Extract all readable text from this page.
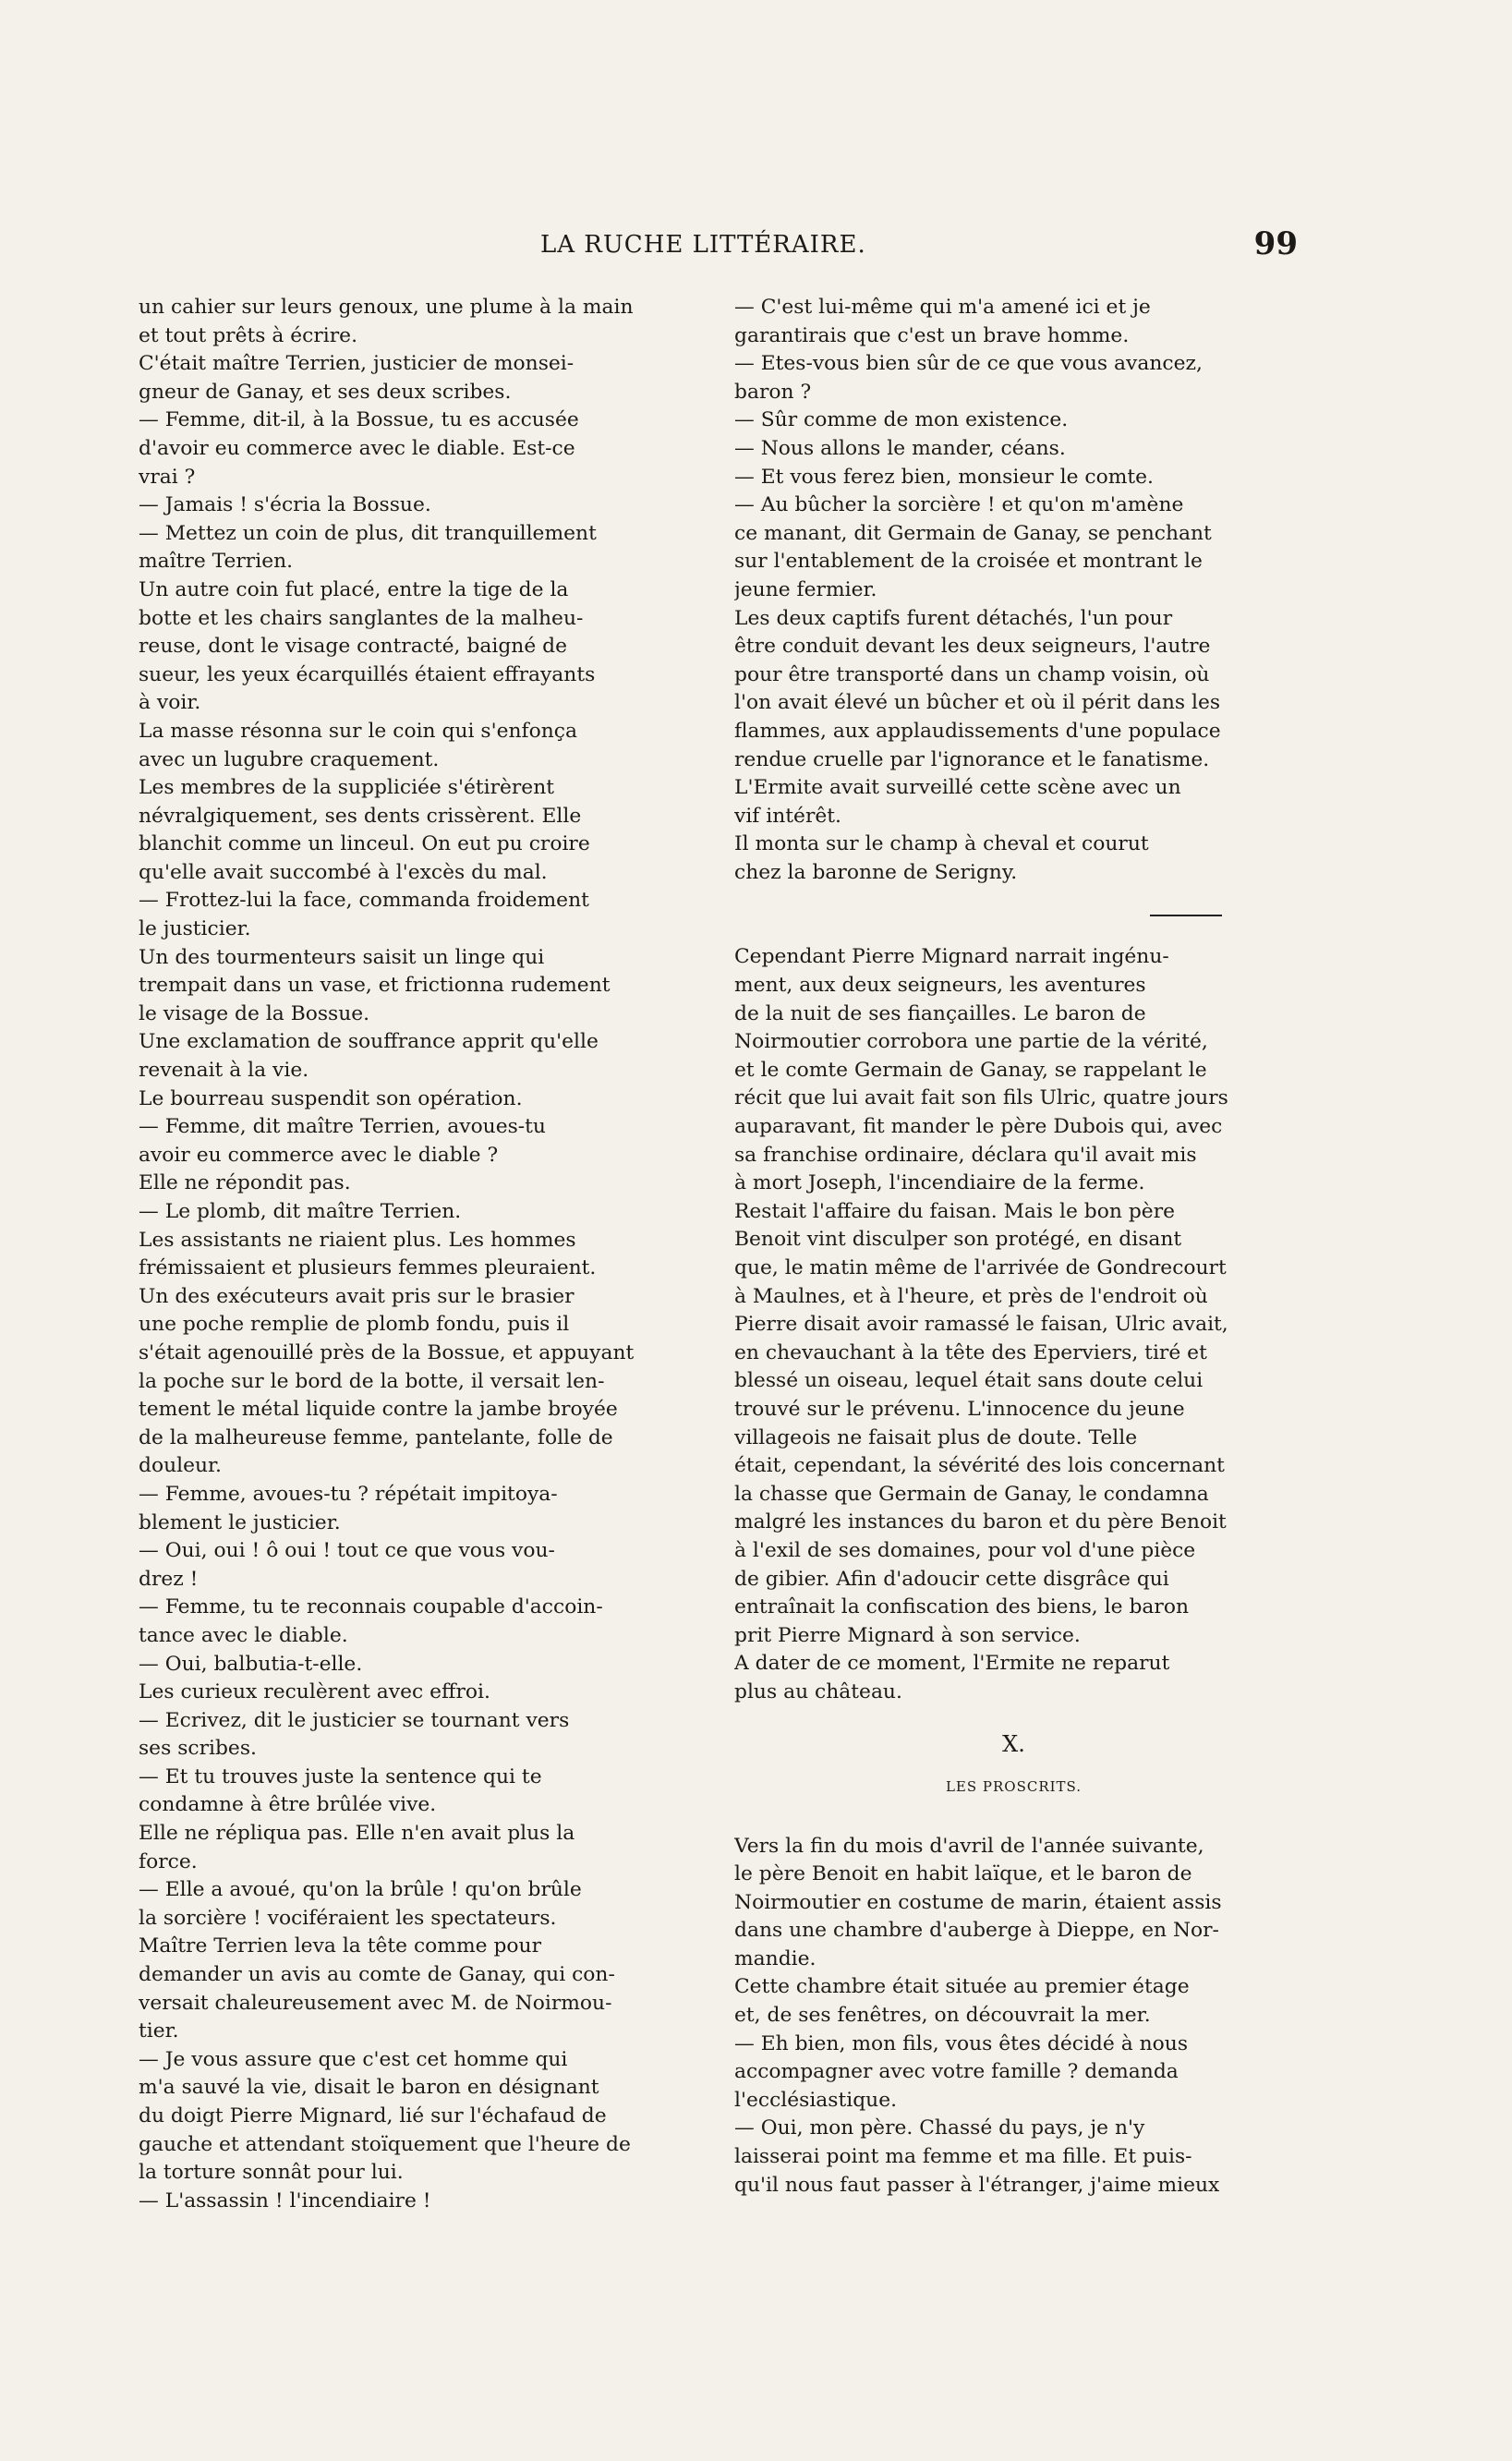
LA RUCHE LITTÉRAIRE.	99
un cahier sur leurs genoux, une plume à la main
et tout prêts à écrire.
C'était maître Terrien, justicier de monsei-
gneur de Ganay, et ses deux scribes.
— Femme, dit-il, à la Bossue, tu es accusée
d'avoir eu commerce avec le diable. Est-ce
vrai ?
— Jamais ! s'écria la Bossue.
— Mettez un coin de plus, dit tranquillement
maître Terrien.
Un autre coin fut placé, entre la tige de la
botte et les chairs sanglantes de la malheu-
reuse, dont le visage contracté, baigné de
sueur, les yeux écarquillés étaient effrayants
à voir.
La masse résonna sur le coin qui s'enfonça
avec un lugubre craquement.
Les membres de la suppliciée s'étirèrent
névralgiquement, ses dents crissèrent. Elle
blanchit comme un linceul. On eut pu croire
qu'elle avait succombé à l'excès du mal.
— Frottez-lui la face, commanda froidement
le justicier.
Un des tourmenteurs saisit un linge qui
trempait dans un vase, et frictionna rudement
le visage de la Bossue.
Une exclamation de souffrance apprit qu'elle
revenait à la vie.
Le bourreau suspendit son opération.
— Femme, dit maître Terrien, avoues-tu
avoir eu commerce avec le diable ?
Elle ne répondit pas.
— Le plomb, dit maître Terrien.
Les assistants ne riaient plus. Les hommes
frémissaient et plusieurs femmes pleuraient.
Un des exécuteurs avait pris sur le brasier
une poche remplie de plomb fondu, puis il
s'était agenouillé près de la Bossue, et appuyant
la poche sur le bord de la botte, il versait len-
tement le métal liquide contre la jambe broyée
de la malheureuse femme, pantelante, folle de
douleur.
— Femme, avoues-tu ? répétait impitoya-
blement le justicier.
— Oui, oui ! ô oui ! tout ce que vous vou-
drez !
— Femme, tu te reconnais coupable d'accoin-
tance avec le diable.
— Oui, balbutia-t-elle.
Les curieux reculèrent avec effroi.
— Ecrivez, dit le justicier se tournant vers
ses scribes.
— Et tu trouves juste la sentence qui te
condamne à être brûlée vive.
Elle ne répliqua pas. Elle n'en avait plus la
force.
— Elle a avoué, qu'on la brûle ! qu'on brûle
la sorcière ! vociféraient les spectateurs.
Maître Terrien leva la tête comme pour
demander un avis au comte de Ganay, qui con-
versait chaleureusement avec M. de Noirmou-
tier.
— Je vous assure que c'est cet homme qui
m'a sauvé la vie, disait le baron en désignant
du doigt Pierre Mignard, lié sur l'échafaud de
gauche et attendant stoïquement que l'heure de
la torture sonnât pour lui.
— L'assassin ! l'incendiaire !
— C'est lui-même qui m'a amené ici et je
garantirais que c'est un brave homme.
— Etes-vous bien sûr de ce que vous avancez,
baron ?
— Sûr comme de mon existence.
— Nous allons le mander, céans.
— Et vous ferez bien, monsieur le comte.
— Au bûcher la sorcière ! et qu'on m'amène
ce manant, dit Germain de Ganay, se penchant
sur l'entablement de la croisée et montrant le
jeune fermier.
Les deux captifs furent détachés, l'un pour
être conduit devant les deux seigneurs, l'autre
pour être transporté dans un champ voisin, où
l'on avait élevé un bûcher et où il périt dans les
flammes, aux applaudissements d'une populace
rendue cruelle par l'ignorance et le fanatisme.
L'Ermite avait surveillé cette scène avec un
vif intérêt.
Il monta sur le champ à cheval et courut
chez la baronne de Serigny.
Cependant Pierre Mignard narrait ingénu-
ment, aux deux seigneurs, les aventures
de la nuit de ses fiançailles. Le baron de
Noirmoutier corrobora une partie de la vérité,
et le comte Germain de Ganay, se rappelant le
récit que lui avait fait son fils Ulric, quatre jours
auparavant, fit mander le père Dubois qui, avec
sa franchise ordinaire, déclara qu'il avait mis
à mort Joseph, l'incendiaire de la ferme.
Restait l'affaire du faisan. Mais le bon père
Benoit vint disculper son protégé, en disant
que, le matin même de l'arrivée de Gondrecourt
à Maulnes, et à l'heure, et près de l'endroit où
Pierre disait avoir ramassé le faisan, Ulric avait,
en chevauchant à la tête des Eperviers, tiré et
blessé un oiseau, lequel était sans doute celui
trouvé sur le prévenu. L'innocence du jeune
villageois ne faisait plus de doute. Telle
était, cependant, la sévérité des lois concernant
la chasse que Germain de Ganay, le condamna
malgré les instances du baron et du père Benoit
à l'exil de ses domaines, pour vol d'une pièce
de gibier. Afin d'adoucir cette disgrâce qui
entraînait la confiscation des biens, le baron
prit Pierre Mignard à son service.
A dater de ce moment, l'Ermite ne reparut
plus au château.
X.
LES PROSCRITS.
Vers la fin du mois d'avril de l'année suivante,
le père Benoit en habit laïque, et le baron de
Noirmoutier en costume de marin, étaient assis
dans une chambre d'auberge à Dieppe, en Nor-
mandie.
Cette chambre était située au premier étage
et, de ses fenêtres, on découvrait la mer.
— Eh bien, mon fils, vous êtes décidé à nous
accompagner avec votre famille ? demanda
l'ecclésiastique.
— Oui, mon père. Chassé du pays, je n'y
laisserai point ma femme et ma fille. Et puis-
qu'il nous faut passer à l'étranger, j'aime mieux
